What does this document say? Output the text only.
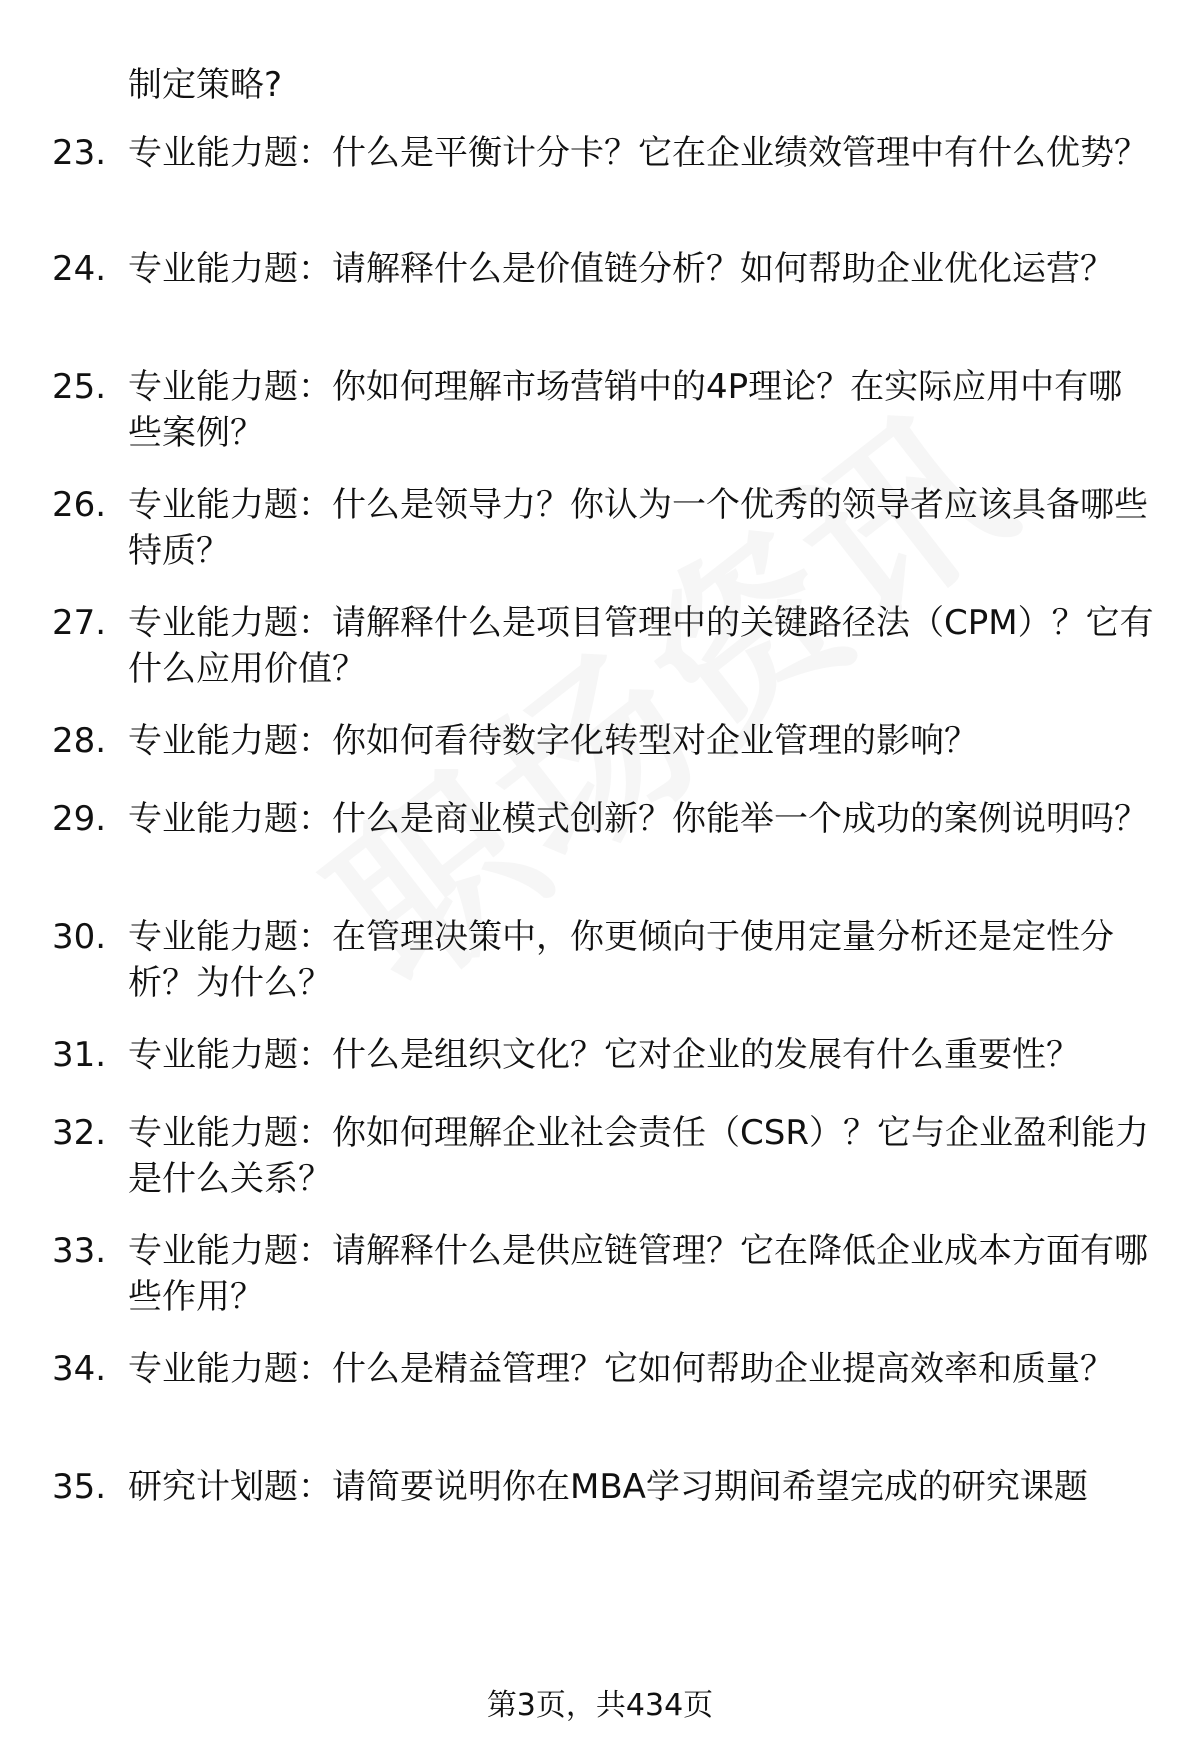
制定策略?

23. 专业能力题：什么是平衡计分卡？它在企业绩效管理中有什么优势？
24. 专业能力题：请解释什么是价值链分析？如何帮助企业优化运营？
25. 专业能力题：你如何理解市场营销中的4P理论？在实际应用中有哪些案例？
26. 专业能力题：什么是领导力？你认为一个优秀的领导者应该具备哪些特质？
27. 专业能力题：请解释什么是项目管理中的关键路径法（CPM）？它有什么应用价值？
28. 专业能力题：你如何看待数字化转型对企业管理的影响？
29. 专业能力题：什么是商业模式创新？你能举一个成功的案例说明吗？
30. 专业能力题：在管理决策中，你更倾向于使用定量分析还是定性分析？为什么？
31. 专业能力题：什么是组织文化？它对企业的发展有什么重要性？
32. 专业能力题：你如何理解企业社会责任（CSR）？它与企业盈利能力是什么关系？
33. 专业能力题：请解释什么是供应链管理？它在降低企业成本方面有哪些作用？
34. 专业能力题：什么是精益管理？它如何帮助企业提高效率和质量？
35. 研究计划题：请简要说明你在MBA学习期间希望完成的研究课题
第3页，共434页
